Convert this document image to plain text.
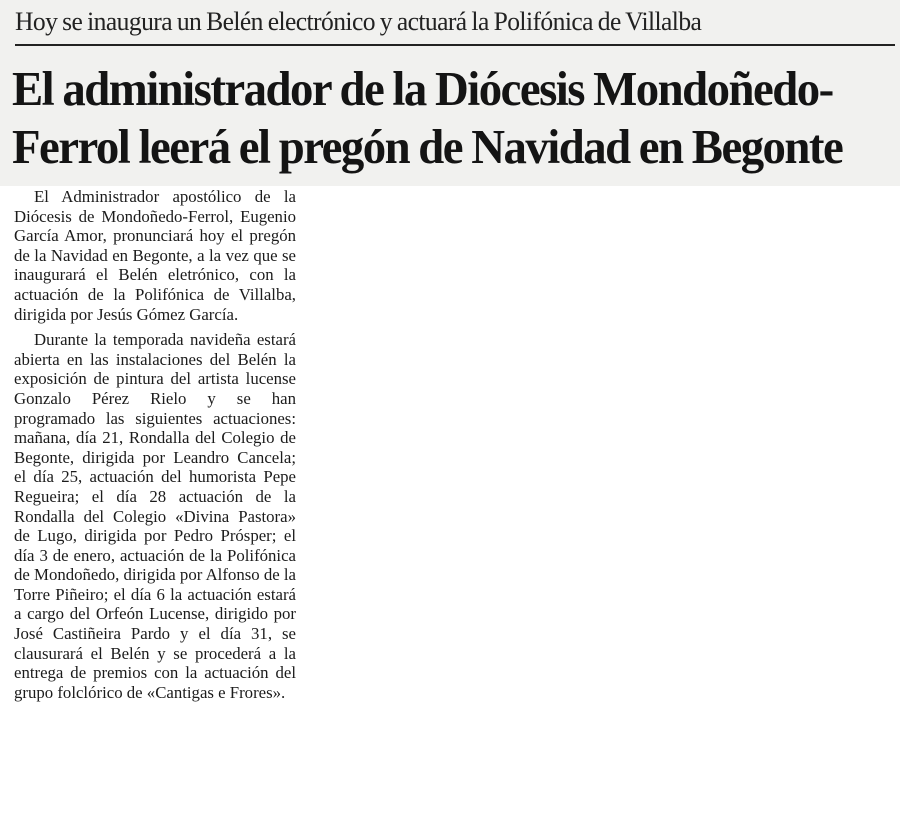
Hoy se inaugura un Belén electrónico y actuará la Polifónica de Villalba
El administrador de la Diócesis Mondoñedo-
Ferrol leerá el pregón de Navidad en Begonte

El Administrador apostólico de la Diócesis de Mondoñedo-Ferrol, Eugenio García Amor, pronunciará hoy el pregón de la Navidad en Begonte, a la vez que se inaugurará el Belén eletrónico, con la actuación de la Polifónica de Villalba, dirigida por Jesús Gómez García.

Durante la temporada navideña estará abierta en las instalaciones del Belén la exposición de pintura del artista lucense Gonzalo Pérez Rielo y se han programado las siguientes actuaciones: mañana, día 21, Rondalla del Colegio de Begonte, dirigida por Leandro Cancela; el día 25, actuación del humorista Pepe Regueira; el día 28 actuación de la Rondalla del Colegio «Divina Pastora» de Lugo, dirigida por Pedro Prósper; el día 3 de enero, actuación de la Polifónica de Mondoñedo, dirigida por Alfonso de la Torre Piñeiro; el día 6 la actuación estará a cargo del Orfeón Lucense, dirigido por José Castiñeira Pardo y el día 31, se clausurará el Belén y se procederá a la entrega de premios con la actuación del grupo folclórico de «Cantigas e Frores».
